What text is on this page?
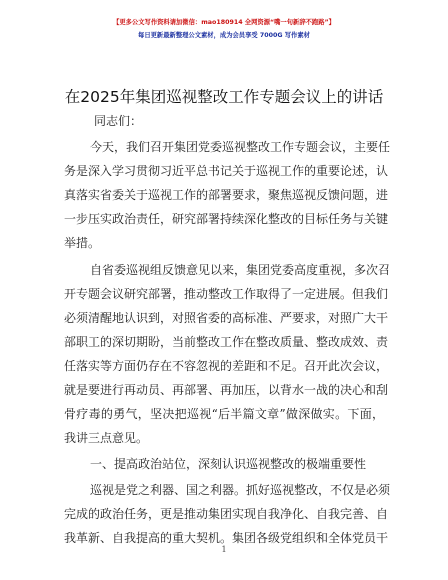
【更多公文写作资料请加微信：mao180914 全网资源“嘴一句新辞不跑路”】
每日更新最新整理公文素材，成为会员享受 7000G 写作素材
在2025年集团巡视整改工作专题会议上的讲话
同志们：
今天，我们召开集团党委巡视整改工作专题会议，主要任
务是深入学习贯彻习近平总书记关于巡视工作的重要论述，认
真落实省委关于巡视工作的部署要求，聚焦巡视反馈问题，进
一步压实政治责任，研究部署持续深化整改的目标任务与关键
举措。
自省委巡视组反馈意见以来，集团党委高度重视，多次召
开专题会议研究部署，推动整改工作取得了一定进展。但我们
必须清醒地认识到，对照省委的高标准、严要求，对照广大干
部职工的深切期盼，当前整改工作在整改质量、整改成效、责
任落实等方面仍存在不容忽视的差距和不足。召开此次会议，
就是要进行再动员、再部署、再加压，以背水一战的决心和刮
骨疗毒的勇气，坚决把巡视“后半篇文章”做深做实。下面，
我讲三点意见。
一、提高政治站位，深刻认识巡视整改的极端重要性
巡视是党之利器、国之利器。抓好巡视整改，不仅是必须
完成的政治任务，更是推动集团实现自我净化、自我完善、自
我革新、自我提高的重大契机。集团各级党组织和全体党员干
1
